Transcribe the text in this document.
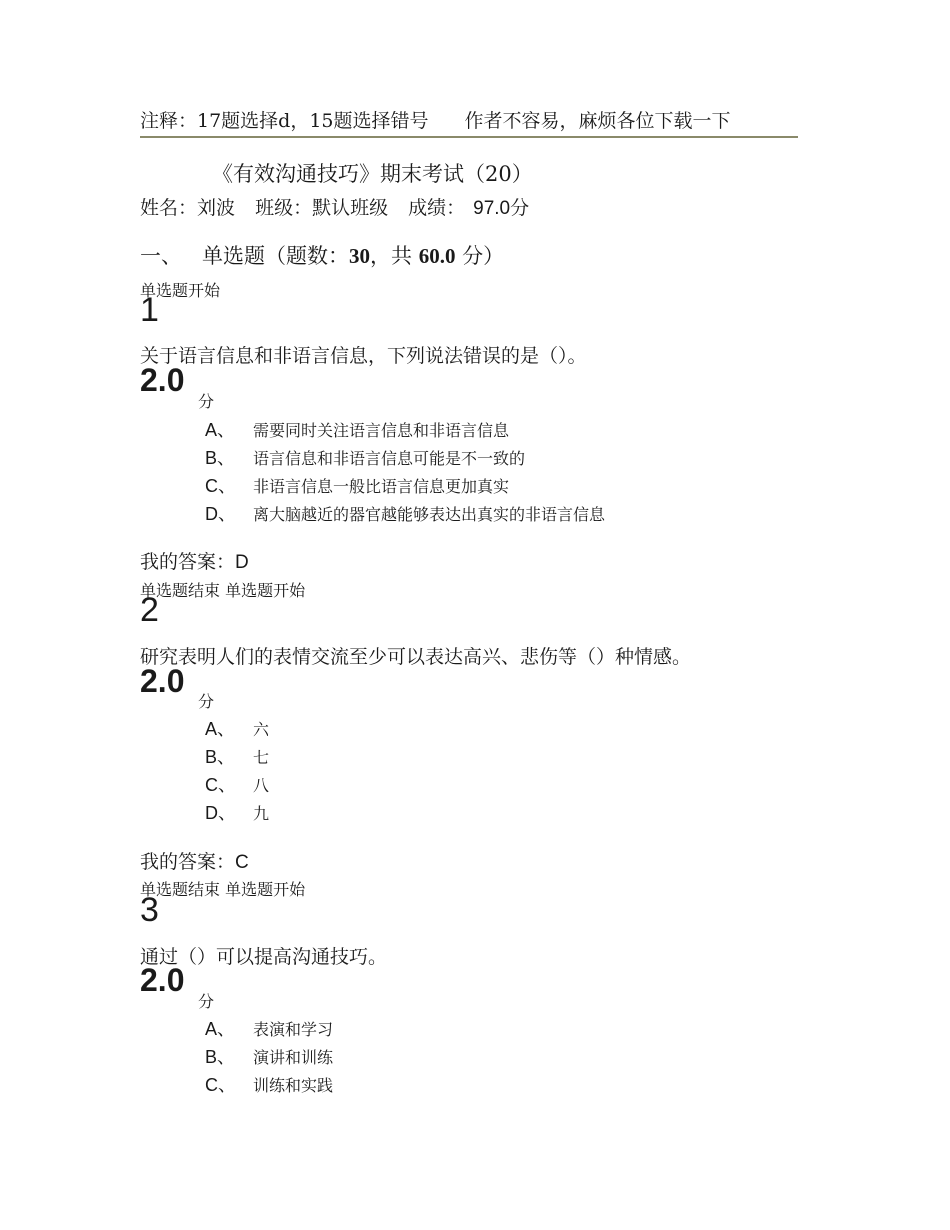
注释：17题选择d，15题选择错号 作者不容易，麻烦各位下载一下
《有效沟通技巧》期末考试（20）
姓名：刘波 班级：默认班级 成绩： 97.0分
一、 单选题（题数：30，共 60.0 分）
单选题开始
1
关于语言信息和非语言信息，下列说法错误的是（）。
2.0
分
A、 需要同时关注语言信息和非语言信息
B、 语言信息和非语言信息可能是不一致的
C、 非语言信息一般比语言信息更加真实
D、 离大脑越近的器官越能够表达出真实的非语言信息
我的答案：D
单选题结束 单选题开始
2
研究表明人们的表情交流至少可以表达高兴、悲伤等（）种情感。
2.0
分
A、 六
B、 七
C、 八
D、 九
我的答案：C
单选题结束 单选题开始
3
通过（）可以提高沟通技巧。
2.0
分
A、 表演和学习
B、 演讲和训练
C、 训练和实践
